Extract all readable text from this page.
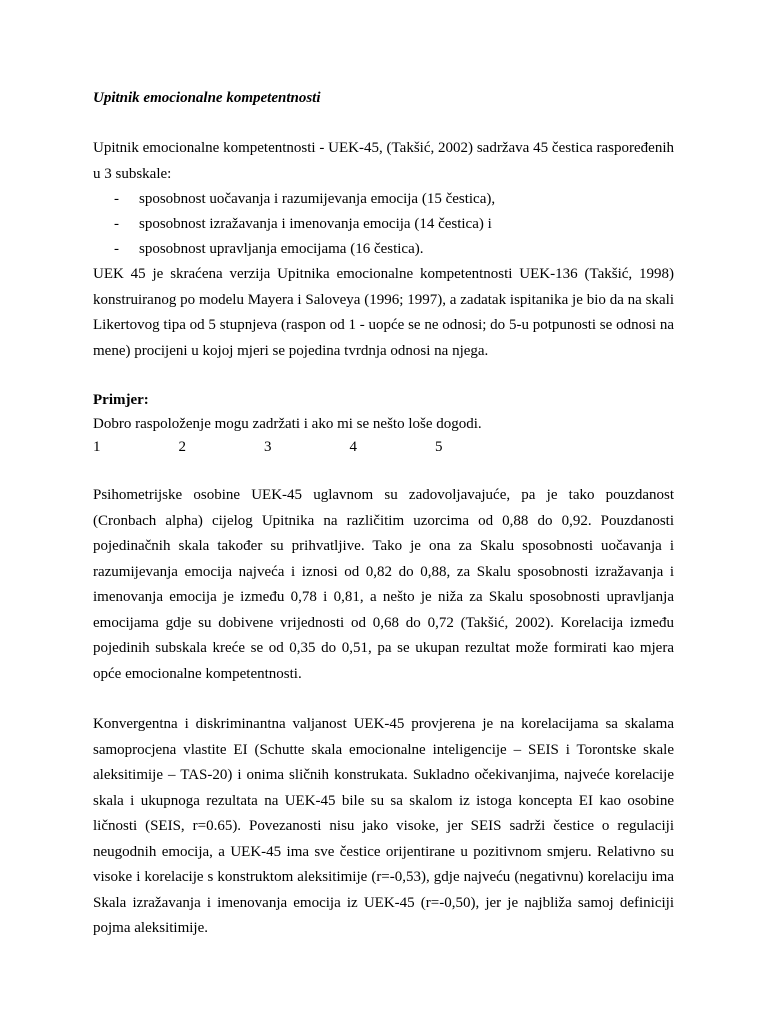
Upitnik emocionalne kompetentnosti

Upitnik emocionalne kompetentnosti - UEK-45, (Takšić, 2002) sadržava 45 čestica raspoređenih u 3 subskale:

- sposobnost uočavanja i razumijevanja emocija (15 čestica),
- sposobnost izražavanja i imenovanja emocija (14 čestica) i
- sposobnost upravljanja emocijama (16 čestica).

UEK 45 je skraćena verzija Upitnika emocionalne kompetentnosti UEK-136 (Takšić, 1998) konstruiranog po modelu Mayera i Saloveya (1996; 1997), a zadatak ispitanika je bio da na skali Likertovog tipa od 5 stupnjeva (raspon od 1 - uopće se ne odnosi; do 5-u potpunosti se odnosi na mene) procijeni u kojoj mjeri se pojedina tvrdnja odnosi na njega.

Primjer:

Dobro raspoloženje mogu zadržati i ako mi se nešto loše dogodi.

1	2	3	4	5

Psihometrijske osobine UEK-45 uglavnom su zadovoljavajuće, pa je tako pouzdanost (Cronbach alpha) cijelog Upitnika na različitim uzorcima od 0,88 do 0,92. Pouzdanosti pojedinačnih skala također su prihvatljive. Tako je ona za Skalu sposobnosti uočavanja i razumijevanja emocija najveća i iznosi od 0,82 do 0,88, za Skalu sposobnosti izražavanja i imenovanja emocija je između 0,78 i 0,81, a nešto je niža za Skalu sposobnosti upravljanja emocijama gdje su dobivene vrijednosti od 0,68 do 0,72 (Takšić, 2002). Korelacija između pojedinih subskala kreće se od 0,35 do 0,51, pa se ukupan rezultat može formirati kao mjera opće emocionalne kompetentnosti.

Konvergentna i diskriminantna valjanost UEK-45 provjerena je na korelacijama sa skalama samoprocjena vlastite EI (Schutte skala emocionalne inteligencije – SEIS i Torontske skale aleksitimije – TAS-20) i onima sličnih konstrukata. Sukladno očekivanjima, najveće korelacije skala i ukupnoga rezultata na UEK-45 bile su sa skalom iz istoga koncepta EI kao osobine ličnosti (SEIS, r=0.65). Povezanosti nisu jako visoke, jer SEIS sadrži čestice o regulaciji neugodnih emocija, a UEK-45 ima sve čestice orijentirane u pozitivnom smjeru. Relativno su visoke i korelacije s konstruktom aleksitimije (r=-0,53), gdje najveću (negativnu) korelaciju ima Skala izražavanja i imenovanja emocija iz UEK-45 (r=-0,50), jer je najbliža samoj definiciji pojma aleksitimije.
